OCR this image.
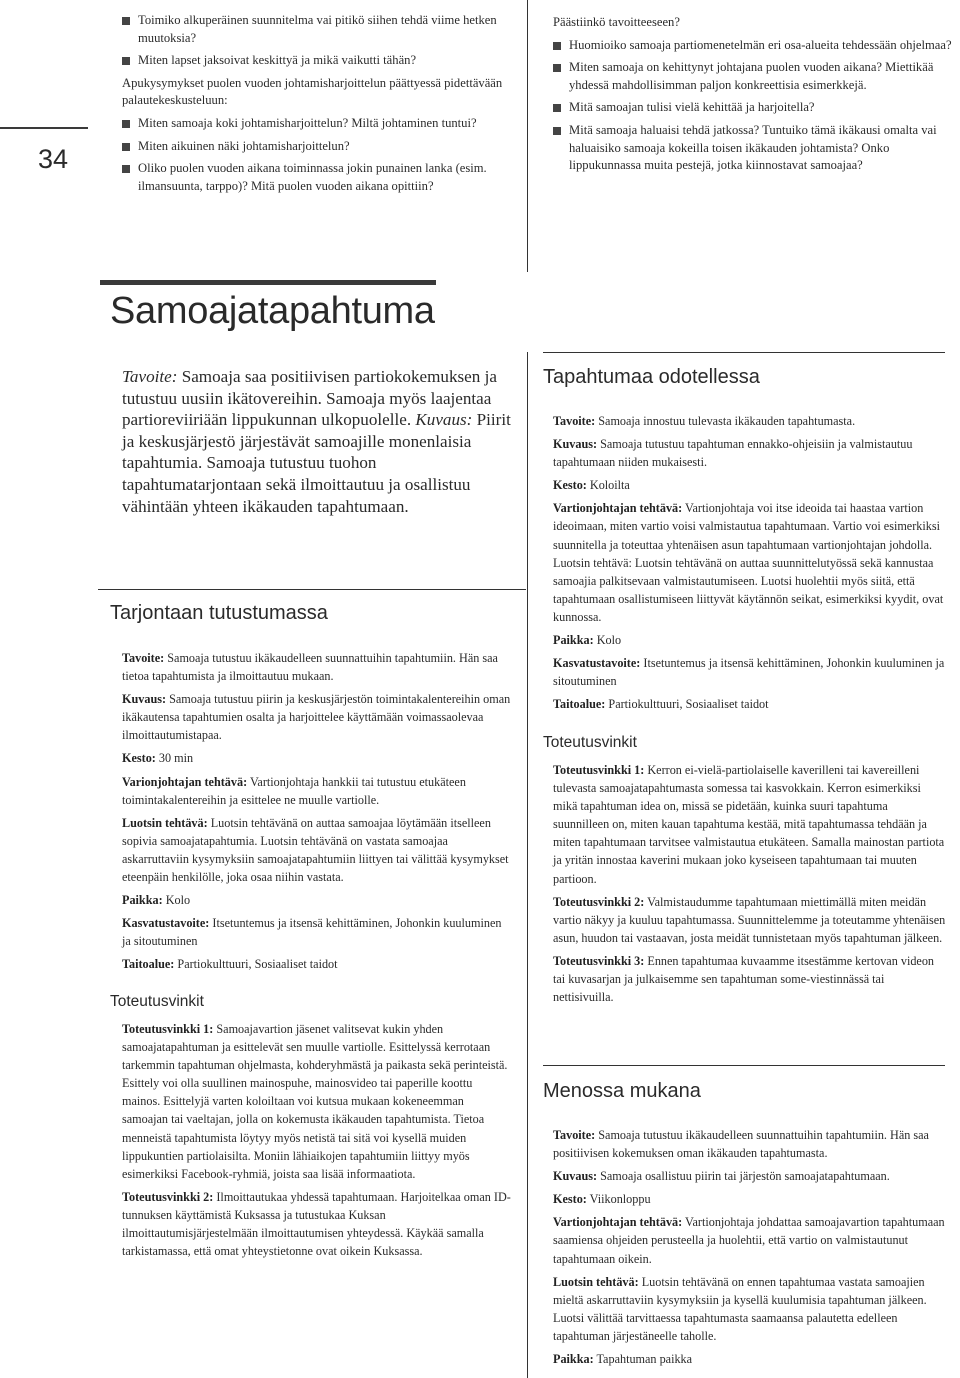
34

Toimiko alkuperäinen suunnitelma vai pitikö siihen tehdä viime hetken muutoksia?

Miten lapset jaksoivat keskittyä ja mikä vaikutti tähän?

Apukysymykset puolen vuoden johtamisharjoittelun päättyessä pidettävään palautekeskusteluun:

Miten samoaja koki johtamisharjoittelun? Miltä johtaminen tuntui?

Miten aikuinen näki johtamisharjoittelun?

Oliko puolen vuoden aikana toiminnassa jokin punainen lanka (esim. ilmansuunta, tarppo)? Mitä puolen vuoden aikana opittiin?

Päästiinkö tavoitteeseen?

Huomioiko samoaja partiomenetelmän eri osa-alueita tehdessään ohjelmaa?

Miten samoaja on kehittynyt johtajana puolen vuoden aikana? Miettikää yhdessä mahdollisimman paljon konkreettisia esimerkkejä.

Mitä samoajan tulisi vielä kehittää ja harjoitella?

Mitä samoaja haluaisi tehdä jatkossa? Tuntuiko tämä ikäkausi omalta vai haluaisiko samoaja kokeilla toisen ikäkauden johtamista? Onko lippukunnassa muita pestejä, jotka kiinnostavat samoajaa?

Samoajatapahtuma
Tavoite: Samoaja saa positiivisen partiokokemuksen ja tutustuu uusiin ikätovereihin. Samoaja myös laajentaa partioreviiriään lippukunnan ulkopuolelle. Kuvaus: Piirit ja keskusjärjestö järjestävät samoajille monenlaisia tapahtumia. Samoaja tutustuu tuohon tapahtumatarjontaan sekä ilmoittautuu ja osallistuu vähintään yhteen ikäkauden tapahtumaan.
Tapahtumaa odotellessa
Tarjontaan tutustumassa

Tavoite: Samoaja tutustuu ikäkaudelleen suunnattuihin tapahtumiin. Hän saa tietoa tapahtumista ja ilmoittautuu mukaan.

Kuvaus: Samoaja tutustuu piirin ja keskusjärjestön toimintakalentereihin oman ikäkautensa tapahtumien osalta ja harjoittelee käyttämään voimassaolevaa ilmoittautumistapaa.

Kesto: 30 min

Varionjohtajan tehtävä: Vartionjohtaja hankkii tai tutustuu etukäteen toimintakalentereihin ja esittelee ne muulle vartiolle.

Luotsin tehtävä: Luotsin tehtävänä on auttaa samoajaa löytämään itselleen sopivia samoajatapahtumia. Luotsin tehtävänä on vastata samoajaa askarruttaviin kysymyksiin samoajatapahtumiin liittyen tai välittää kysymykset eteenpäin henkilölle, joka osaa niihin vastata.

Paikka: Kolo

Kasvatustavoite: Itsetuntemus ja itsensä kehittäminen, Johonkin kuuluminen ja sitoutuminen

Taitoalue: Partiokulttuuri, Sosiaaliset taidot

Toteutusvinkit

Toteutusvinkki 1: Samoajavartion jäsenet valitsevat kukin yhden samoajatapahtuman ja esittelevät sen muulle vartiolle. Esittelyssä kerrotaan tarkemmin tapahtuman ohjelmasta, kohderyhmästä ja paikasta sekä perinteistä. Esittely voi olla suullinen mainospuhe, mainosvideo tai paperille koottu mainos. Esittelyjä varten koloiltaan voi kutsua mukaan kokeneemman samoajan tai vaeltajan, jolla on kokemusta ikäkauden tapahtumista. Tietoa menneistä tapahtumista löytyy myös netistä tai sitä voi kysellä muiden lippukuntien partiolaisilta. Moniin lähiaikojen tapahtumiin liittyy myös esimerkiksi Facebook-ryhmiä, joista saa lisää informaatiota.

Toteutusvinkki 2: Ilmoittautukaa yhdessä tapahtumaan. Harjoitelkaa oman ID-tunnuksen käyttämistä Kuksassa ja tutustukaa Kuksan ilmoittautumisjärjestelmään ilmoittautumisen yhteydessä. Käykää samalla tarkistamassa, että omat yhteystietonne ovat oikein Kuksassa.

Tavoite: Samoaja innostuu tulevasta ikäkauden tapahtumasta.

Kuvaus: Samoaja tutustuu tapahtuman ennakko-ohjeisiin ja valmistautuu tapahtumaan niiden mukaisesti.

Kesto: Koloilta

Vartionjohtajan tehtävä: Vartionjohtaja voi itse ideoida tai haastaa vartion ideoimaan, miten vartio voisi valmistautua tapahtumaan. Vartio voi esimerkiksi suunnitella ja toteuttaa yhtenäisen asun tapahtumaan vartionjohtajan johdolla. Luotsin tehtävä: Luotsin tehtävänä on auttaa suunnittelutyössä sekä kannustaa samoajia palkitsevaan valmistautumiseen. Luotsi huolehtii myös siitä, että tapahtumaan osallistumiseen liittyvät käytännön seikat, esimerkiksi kyydit, ovat kunnossa.

Paikka: Kolo

Kasvatustavoite: Itsetuntemus ja itsensä kehittäminen, Johonkin kuuluminen ja sitoutuminen

Taitoalue: Partiokulttuuri, Sosiaaliset taidot

Toteutusvinkit

Toteutusvinkki 1: Kerron ei-vielä-partiolaiselle kaverilleni tai kavereilleni tulevasta samoajatapahtumasta somessa tai kasvokkain. Kerron esimerkiksi mikä tapahtuman idea on, missä se pidetään, kuinka suuri tapahtuma suunnilleen on, miten kauan tapahtuma kestää, mitä tapahtumassa tehdään ja miten tapahtumaan tarvitsee valmistautua etukäteen. Samalla mainostan partiota ja yritän innostaa kaverini mukaan joko kyseiseen tapahtumaan tai muuten partioon.

Toteutusvinkki 2: Valmistaudumme tapahtumaan miettimällä miten meidän vartio näkyy ja kuuluu tapahtumassa. Suunnittelemme ja toteutamme yhtenäisen asun, huudon tai vastaavan, josta meidät tunnistetaan myös tapahtuman jälkeen.

Toteutusvinkki 3: Ennen tapahtumaa kuvaamme itsestämme kertovan videon tai kuvasarjan ja julkaisemme sen tapahtuman some-viestinnässä tai nettisivuilla.

Menossa mukana

Tavoite: Samoaja tutustuu ikäkaudelleen suunnattuihin tapahtumiin. Hän saa positiivisen kokemuksen oman ikäkauden tapahtumasta.

Kuvaus: Samoaja osallistuu piirin tai järjestön samoajatapahtumaan.

Kesto: Viikonloppu

Vartionjohtajan tehtävä: Vartionjohtaja johdattaa samoajavartion tapahtumaan saamiensa ohjeiden perusteella ja huolehtii, että vartio on valmistautunut tapahtumaan oikein.

Luotsin tehtävä: Luotsin tehtävänä on ennen tapahtumaa vastata samoajien mieltä askarruttaviin kysymyksiin ja kysellä kuulumisia tapahtuman jälkeen. Luotsi välittää tarvittaessa tapahtumasta saamaansa palautetta edelleen tapahtuman järjestäneelle taholle.

Paikka: Tapahtuman paikka
